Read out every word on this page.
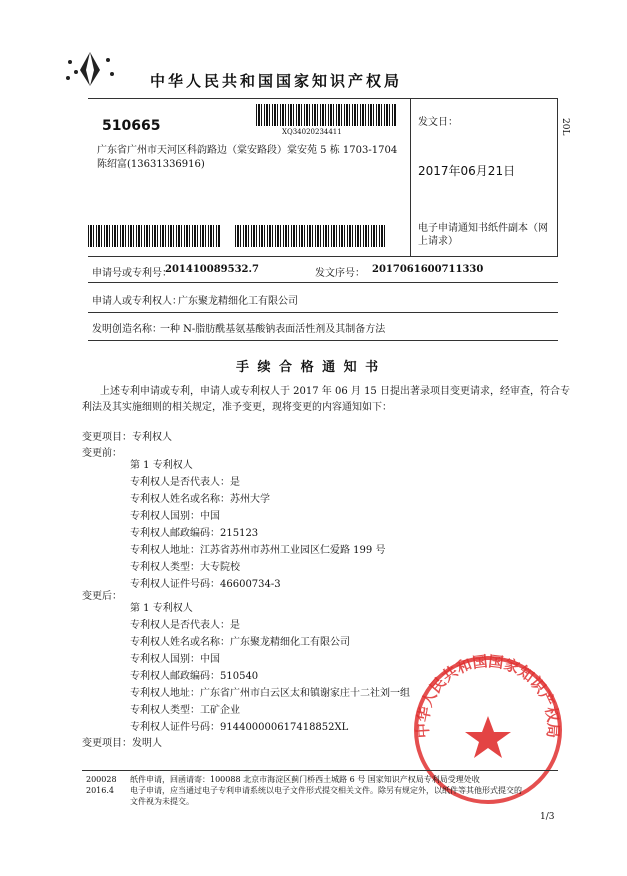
中华人民共和国国家知识产权局
510665	XQ34020234411
广东省广州市天河区科韵路边（棠安路段）棠安苑 5 栋 1703-1704
陈绍富(13631336916)
发文日：
2017年06月21日
20L
电子申请通知书纸件副本（网上请求）
申请号或专利号：
201410089532.7	发文序号： 2017061600711330
申请人或专利权人：
广东聚龙精细化工有限公司
发明创造名称：
一种 N-脂肪酰基氨基酸钠表面活性剂及其制备方法
手 续 合 格 通 知 书
上述专利申请或专利，申请人或专利权人于 2017 年 06 月 15 日提出著录项目变更请求，经审查，符合专
利法及其实施细则的相关规定，准予变更，现将变更的内容通知如下：
变更项目：专利权人
变更前：
第 1 专利权人
专利权人是否代表人：是
专利权人姓名或名称：苏州大学
专利权人国别：中国
专利权人邮政编码：215123
专利权人地址：江苏省苏州市苏州工业园区仁爱路 199 号
专利权人类型：大专院校
专利权人证件号码：46600734-3
变更后：
第 1 专利权人
专利权人是否代表人：是
专利权人姓名或名称：广东聚龙精细化工有限公司
专利权人国别：中国
专利权人邮政编码：510540
专利权人地址：广东省广州市白云区太和镇谢家庄十二社刘一组
专利权人类型：工矿企业
专利权人证件号码：914400000617418852XL
变更项目：发明人
中华人民共和国国家知识产权局
200028
2016.4
纸件申请，回函请寄：100088 北京市海淀区蓟门桥西土城路 6 号 国家知识产权局专利局受理处收
电子申请，应当通过电子专利申请系统以电子文件形式提交相关文件。除另有规定外，以纸件等其他形式提交的
文件视为未提交。
1/3
